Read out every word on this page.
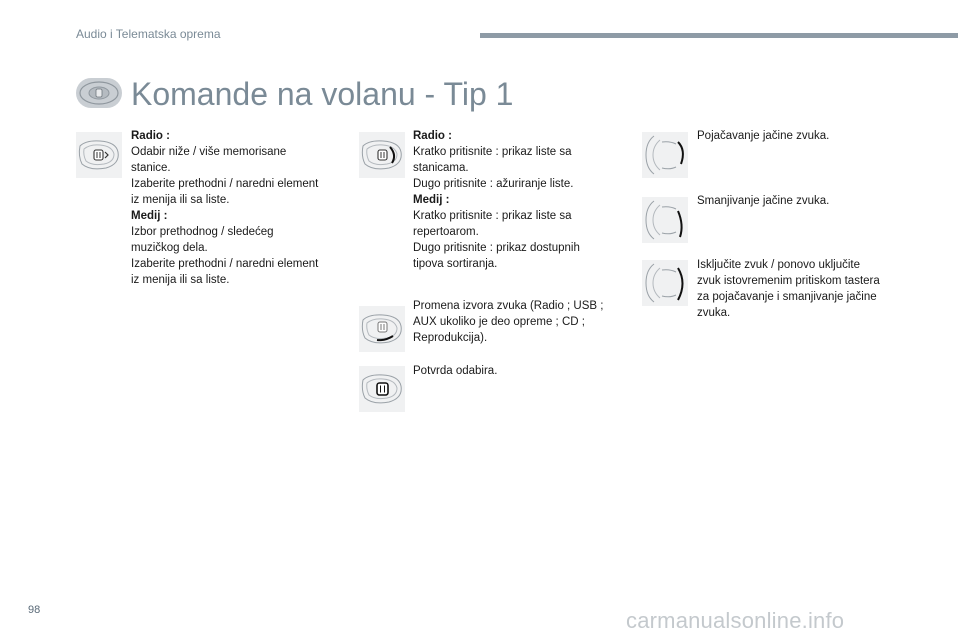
Audio i Telematska oprema
Komande na volanu - Tip 1
Radio :
Odabir niže / više memorisane
stanice.
Izaberite prethodni / naredni element
iz menija ili sa liste.
Medij :
Izbor prethodnog / sledećeg
muzičkog dela.
Izaberite prethodni / naredni element
iz menija ili sa liste.
Radio :
Kratko pritisnite : prikaz liste sa
stanicama.
Dugo pritisnite : ažuriranje liste.
Medij :
Kratko pritisnite : prikaz liste sa
repertoarom.
Dugo pritisnite : prikaz dostupnih
tipova sortiranja.
Promena izvora zvuka (Radio ; USB ;
AUX ukoliko je deo opreme ; CD ;
Reprodukcija).
Potvrda odabira.
Pojačavanje jačine zvuka.
Smanjivanje jačine zvuka.
Isključite zvuk / ponovo uključite
zvuk istovremenim pritiskom tastera
za pojačavanje i smanjivanje jačine
zvuka.
98	carmanualsonline.info
